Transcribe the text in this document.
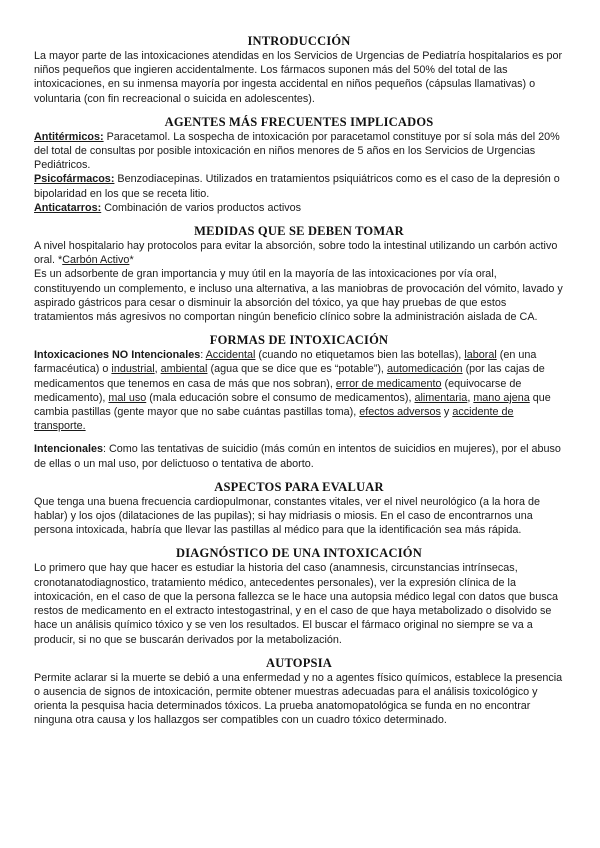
INTRODUCCIÓN

La mayor parte de las intoxicaciones atendidas en los Servicios de Urgencias de Pediatría hospitalarios es por niños pequeños que ingieren accidentalmente. Los fármacos suponen más del 50% del total de las intoxicaciones, en su inmensa mayoría por ingesta accidental en niños pequeños (cápsulas llamativas) o voluntaria (con fin recreacional o suicida en adolescentes).

AGENTES MÁS FRECUENTES IMPLICADOS

Antitérmicos: Paracetamol. La sospecha de intoxicación por paracetamol constituye por sí sola más del 20% del total de consultas por posible intoxicación en niños menores de 5 años en los Servicios de Urgencias Pediátricos.

Psicofármacos: Benzodiacepinas. Utilizados en tratamientos psiquiátricos como es el caso de la depresión o bipolaridad en los que se receta litio.

Anticatarros: Combinación de varios productos activos

MEDIDAS QUE SE DEBEN TOMAR

A nivel hospitalario hay protocolos para evitar la absorción, sobre todo la intestinal utilizando un carbón activo oral. *Carbón Activo*

Es un adsorbente de gran importancia y muy útil en la mayoría de las intoxicaciones por vía oral, constituyendo un complemento, e incluso una alternativa, a las maniobras de provocación del vómito, lavado y aspirado gástricos para cesar o disminuir la absorción del tóxico, ya que hay pruebas de que estos tratamientos más agresivos no comportan ningún beneficio clínico sobre la administración aislada de CA.

FORMAS DE INTOXICACIÓN

Intoxicaciones NO Intencionales: Accidental (cuando no etiquetamos bien las botellas), laboral (en una farmacéutica) o industrial, ambiental (agua que se dice que es “potable”), automedicación (por las cajas de medicamentos que tenemos en casa de más que nos sobran), error de medicamento (equivocarse de medicamento), mal uso (mala educación sobre el consumo de medicamentos), alimentaria, mano ajena que cambia pastillas (gente mayor que no sabe cuántas pastillas toma), efectos adversos y accidente de transporte.

Intencionales: Como las tentativas de suicidio (más común en intentos de suicidios en mujeres), por el abuso de ellas o un mal uso, por delictuoso o tentativa de aborto.

ASPECTOS PARA EVALUAR

Que tenga una buena frecuencia cardiopulmonar, constantes vitales, ver el nivel neurológico (a la hora de hablar) y los ojos (dilataciones de las pupilas); si hay midriasis o miosis. En el caso de encontrarnos una persona intoxicada, habría que llevar las pastillas al médico para que la identificación sea más rápida.

DIAGNÓSTICO DE UNA INTOXICACIÓN

Lo primero que hay que hacer es estudiar la historia del caso (anamnesis, circunstancias intrínsecas, cronotanatodiagnostico, tratamiento médico, antecedentes personales), ver la expresión clínica de la intoxicación, en el caso de que la persona fallezca se le hace una autopsia médico legal con datos que busca restos de medicamento en el extracto intestogastrinal, y en el caso de que haya metabolizado o disolvido se hace un análisis químico tóxico y se ven los resultados. El buscar el fármaco original no siempre se va a producir, si no que se buscarán derivados por la metabolización.

AUTOPSIA

Permite aclarar si la muerte se debió a una enfermedad y no a agentes físico químicos, establece la presencia o ausencia de signos de intoxicación, permite obtener muestras adecuadas para el análisis toxicológico y orienta la pesquisa hacia determinados tóxicos. La prueba anatomopatológica se funda en no encontrar ninguna otra causa y los hallazgos ser compatibles con un cuadro tóxico determinado.
